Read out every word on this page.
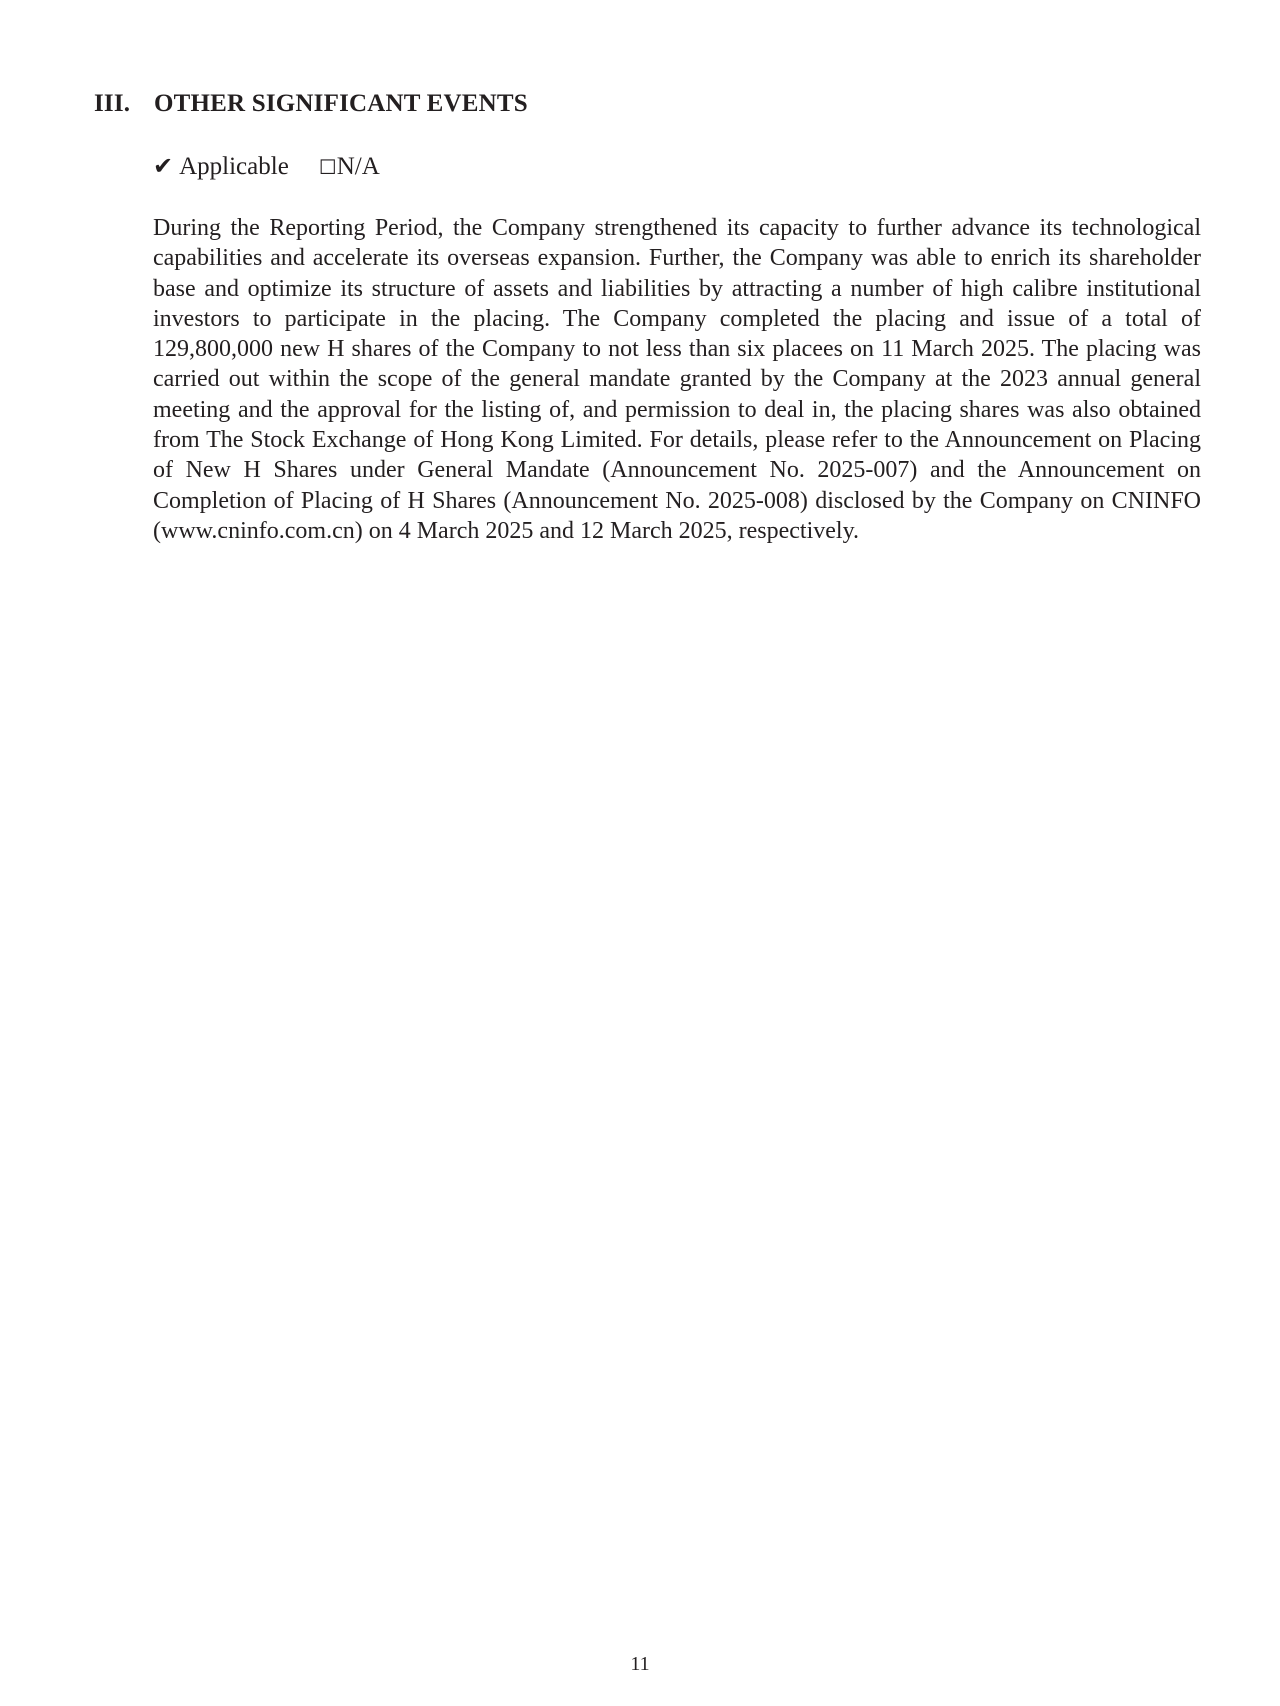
III. OTHER SIGNIFICANT EVENTS
✔ Applicable ☐N/A

During the Reporting Period, the Company strengthened its capacity to further advance its technological capabilities and accelerate its overseas expansion. Further, the Company was able to enrich its shareholder base and optimize its structure of assets and liabilities by attracting a number of high calibre institutional investors to participate in the placing. The Company completed the placing and issue of a total of 129,800,000 new H shares of the Company to not less than six placees on 11 March 2025. The placing was carried out within the scope of the general mandate granted by the Company at the 2023 annual general meeting and the approval for the listing of, and permission to deal in, the placing shares was also obtained from The Stock Exchange of Hong Kong Limited. For details, please refer to the Announcement on Placing of New H Shares under General Mandate (Announcement No. 2025-007) and the Announcement on Completion of Placing of H Shares (Announcement No. 2025-008) disclosed by the Company on CNINFO (www.cninfo.com.cn) on 4 March 2025 and 12 March 2025, respectively.

11
